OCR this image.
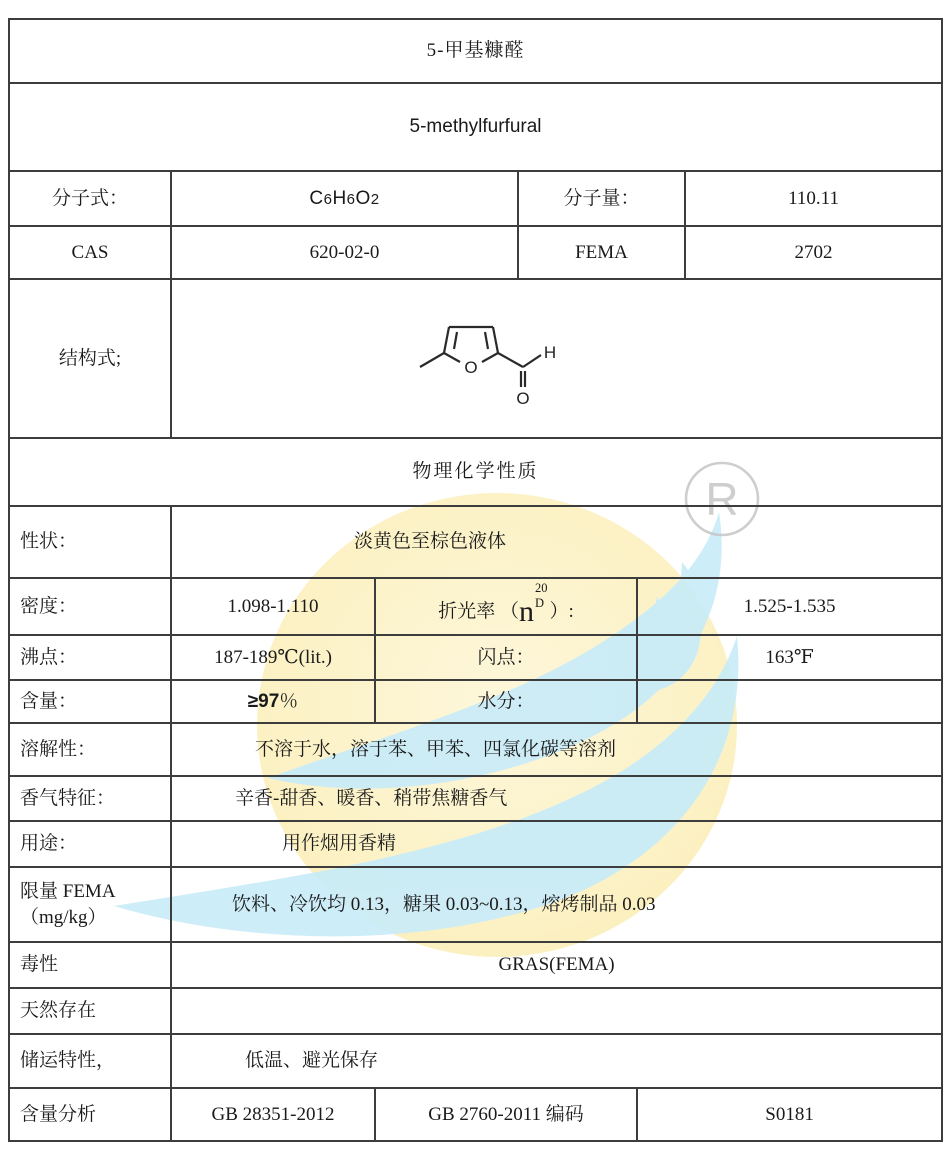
R
5-甲基糠醛					
5-methylfurfural					
分子式：	C6H6O2		分子量：		110.11
CAS	620-02-0		FEMA		2702
结构式;	O
H
O				

物理化学性质					
性状：	淡黄色至棕色液体				
密度：	1.098-1.110	折光率 （n
20
D ）:		1.525-1.535	
沸点：	187-189℃(lit.)	闪点：		163℉	
含量：	≥97％	水分：			
溶解性：	不溶于水，溶于苯、甲苯、四氯化碳等溶剂				
香气特征：	辛香-甜香、暖香、稍带焦糖香气				
用途：	用作烟用香精				
限量 FEMA
（mg/kg）	饮料、冷饮均 0.13，糖果 0.03~0.13，熔烤制品 0.03				
毒性	GRAS(FEMA)				
天然存在					
储运特性，	低温、避光保存				
含量分析	GB 28351-2012	GB 2760-2011 编码		S0181	
